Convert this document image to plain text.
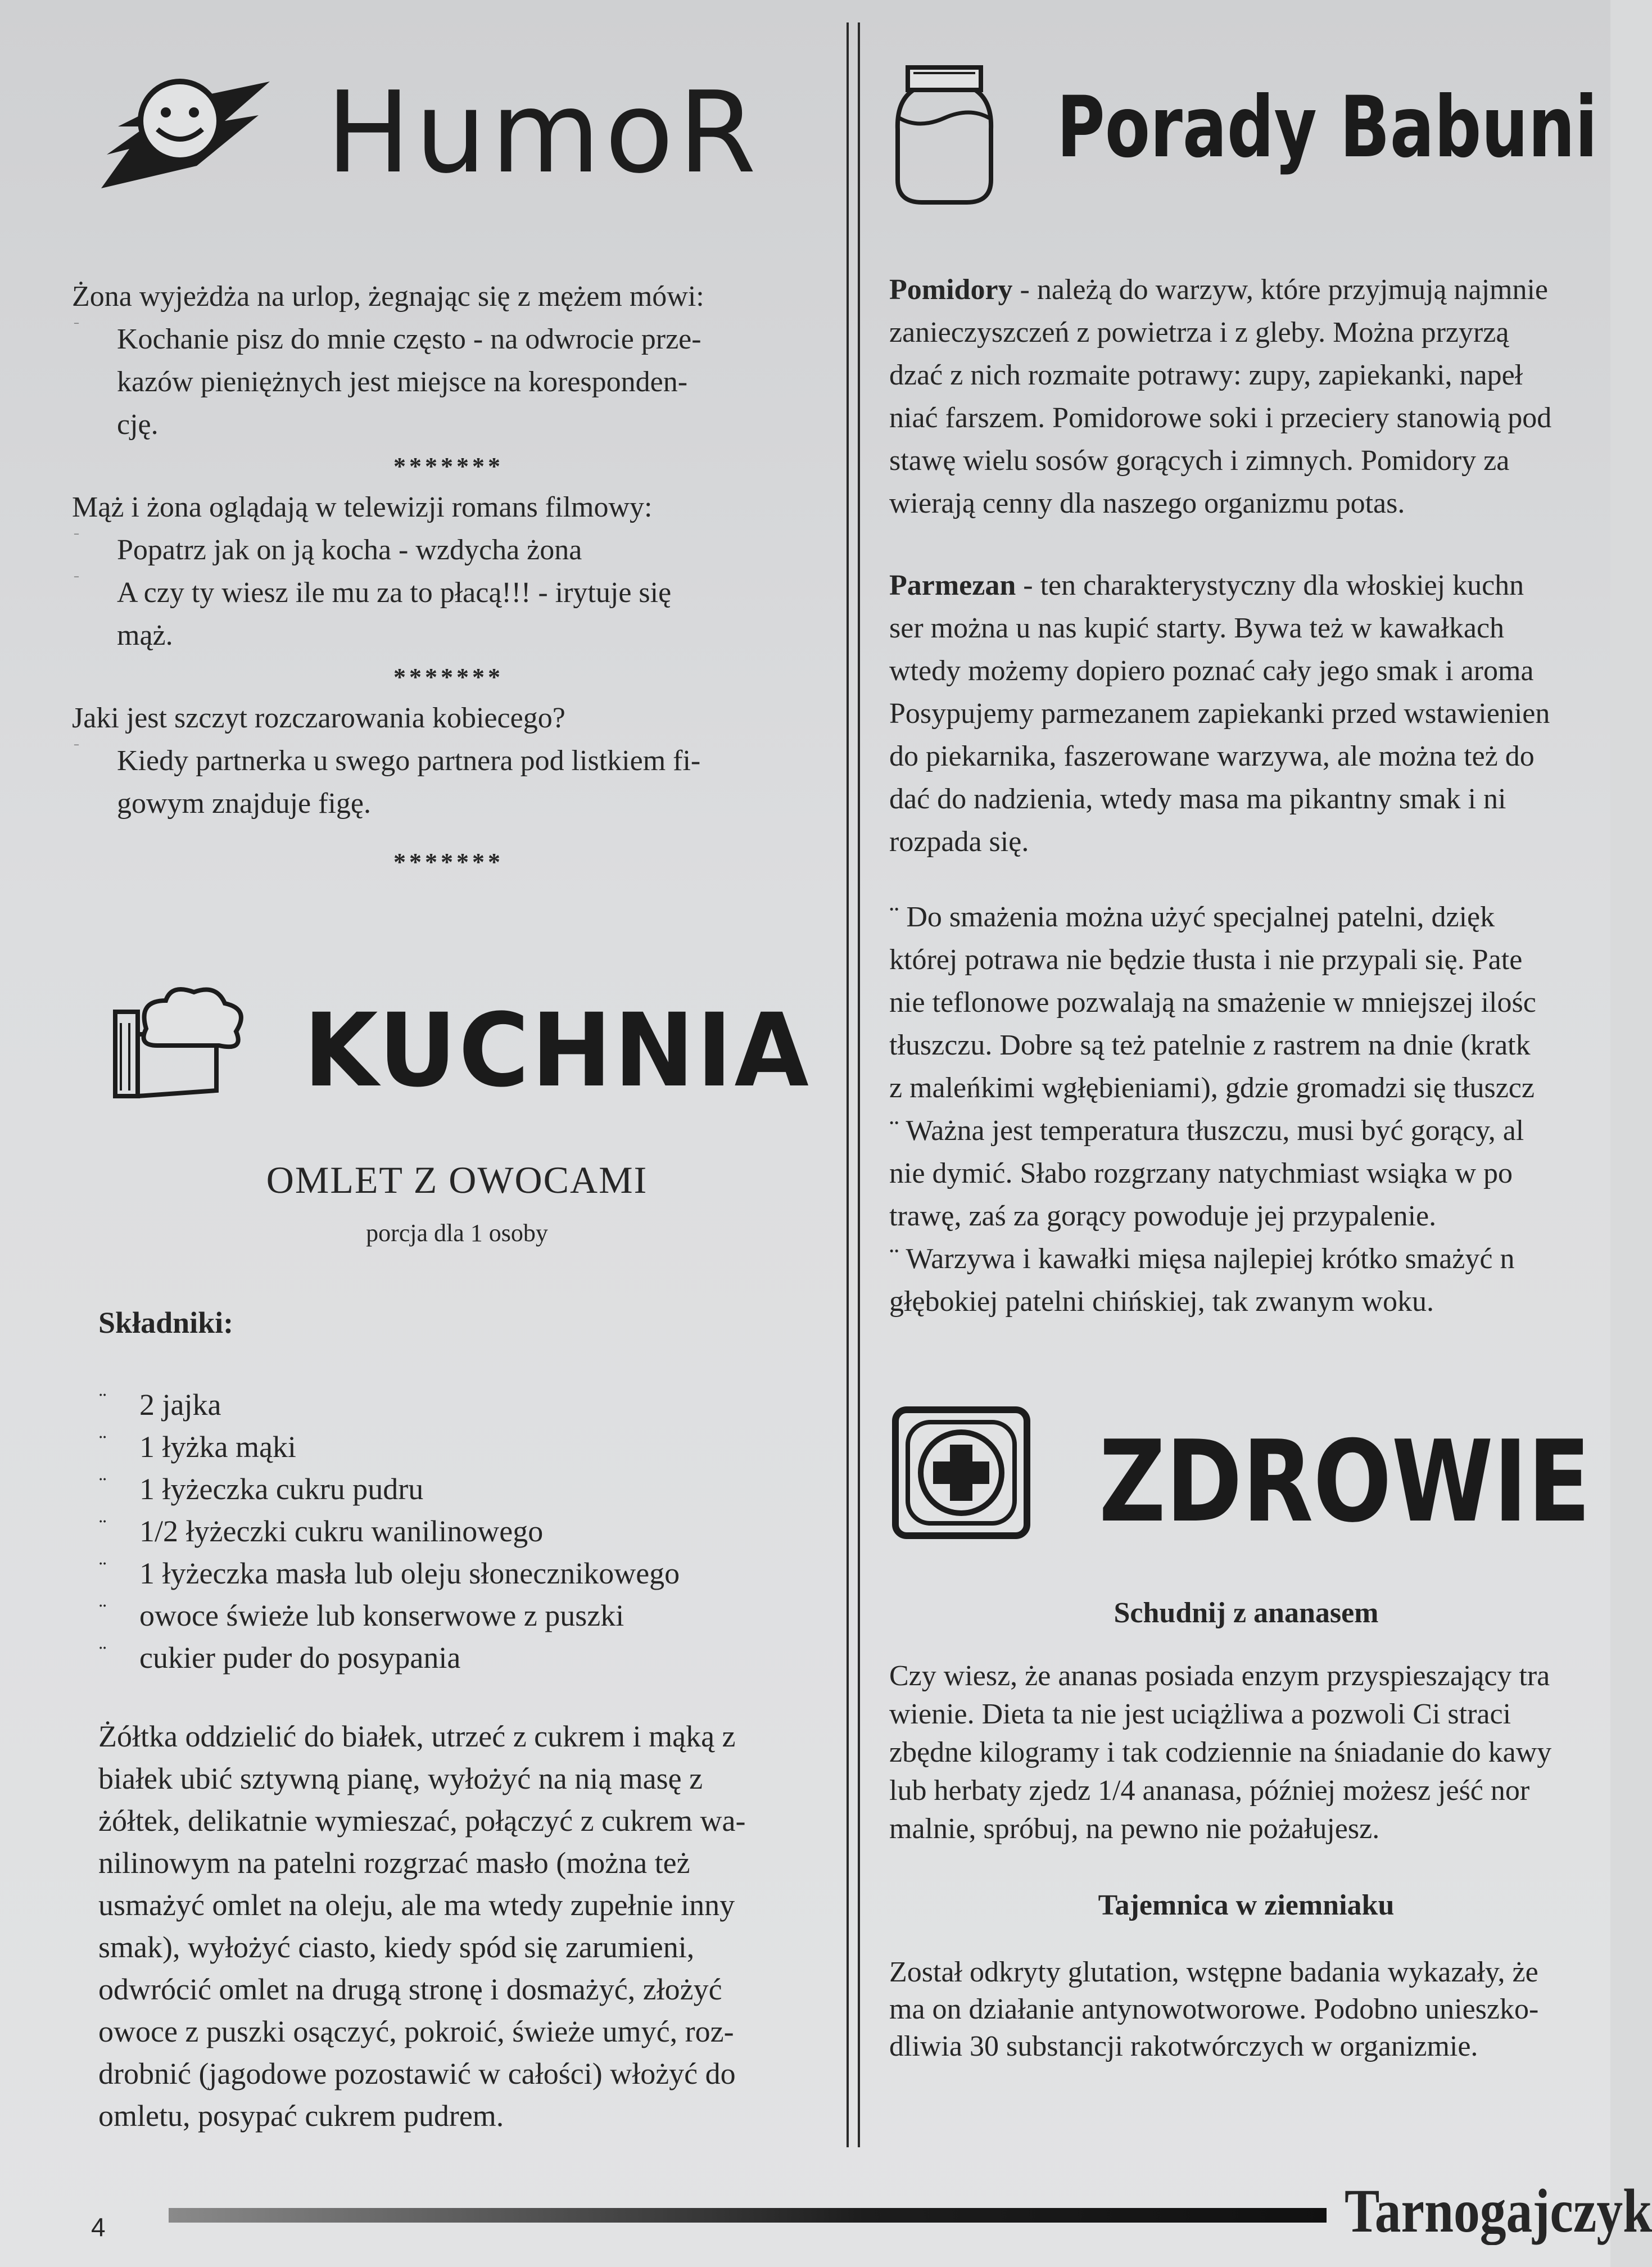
HumoR

Żona wyjeżdża na urlop, żegnając się z mężem mówi:

–

Kochanie pisz do mnie często - na odwrocie prze-

kazów pieniężnych jest miejsce na koresponden-

cję.

*******

Mąż i żona oglądają w telewizji romans filmowy:

–

Popatrz jak on ją kocha - wzdycha żona

–

A czy ty wiesz ile mu za to płacą!!! - irytuje się

mąż.

*******

Jaki jest szczyt rozczarowania kobiecego?

–

Kiedy partnerka u swego partnera pod listkiem fi-

gowym znajduje figę.

*******
KUCHNIA
OMLET Z OWOCAMI
porcja dla 1 osoby

Składniki:

¨ 2 jajka
¨ 1 łyżka mąki
¨ 1 łyżeczka cukru pudru
¨ 1/2 łyżeczki cukru wanilinowego
¨ 1 łyżeczka masła lub oleju słonecznikowego
¨ owoce świeże lub konserwowe z puszki
¨ cukier puder do posypania

Żółtka oddzielić do białek, utrzeć z cukrem i mąką z

białek ubić sztywną pianę, wyłożyć na nią masę z

żółtek, delikatnie wymieszać, połączyć z cukrem wa-

nilinowym na patelni rozgrzać masło (można też

usmażyć omlet na oleju, ale ma wtedy zupełnie inny

smak), wyłożyć ciasto, kiedy spód się zarumieni,

odwrócić omlet na drugą stronę i dosmażyć, złożyć

owoce z puszki osączyć, pokroić, świeże umyć, roz-

drobnić (jagodowe pozostawić w całości) włożyć do

omletu, posypać cukrem pudrem.

Porady Babuni

Pomidory - należą do warzyw, które przyjmują najmnie

zanieczyszczeń z powietrza i z gleby. Można przyrzą

dzać z nich rozmaite potrawy: zupy, zapiekanki, napeł

niać farszem. Pomidorowe soki i przeciery stanowią pod

stawę wielu sosów gorących i zimnych. Pomidory za

wierają cenny dla naszego organizmu potas.

Parmezan - ten charakterystyczny dla włoskiej kuchn

ser można u nas kupić starty. Bywa też w kawałkach

wtedy możemy dopiero poznać cały jego smak i aroma

Posypujemy parmezanem zapiekanki przed wstawienien

do piekarnika, faszerowane warzywa, ale można też do

dać do nadzienia, wtedy masa ma pikantny smak i ni

rozpada się.

¨ Do smażenia można użyć specjalnej patelni, dzięk

której potrawa nie będzie tłusta i nie przypali się. Pate

nie teflonowe pozwalają na smażenie w mniejszej ilośc

tłuszczu. Dobre są też patelnie z rastrem na dnie (kratk

z maleńkimi wgłębieniami), gdzie gromadzi się tłuszcz

¨ Ważna jest temperatura tłuszczu, musi być gorący, al

nie dymić. Słabo rozgrzany natychmiast wsiąka w po

trawę, zaś za gorący powoduje jej przypalenie.

¨ Warzywa i kawałki mięsa najlepiej krótko smażyć n

głębokiej patelni chińskiej, tak zwanym woku.

ZDROWIE

Schudnij z ananasem

Czy wiesz, że ananas posiada enzym przyspieszający tra

wienie. Dieta ta nie jest uciążliwa a pozwoli Ci straci

zbędne kilogramy i tak codziennie na śniadanie do kawy

lub herbaty zjedz 1/4 ananasa, później możesz jeść nor

malnie, spróbuj, na pewno nie pożałujesz.

Tajemnica w ziemniaku

Został odkryty glutation, wstępne badania wykazały, że

ma on działanie antynowotworowe. Podobno unieszko-

dliwia 30 substancji rakotwórczych w organizmie.

4	Tarnogajczyk
